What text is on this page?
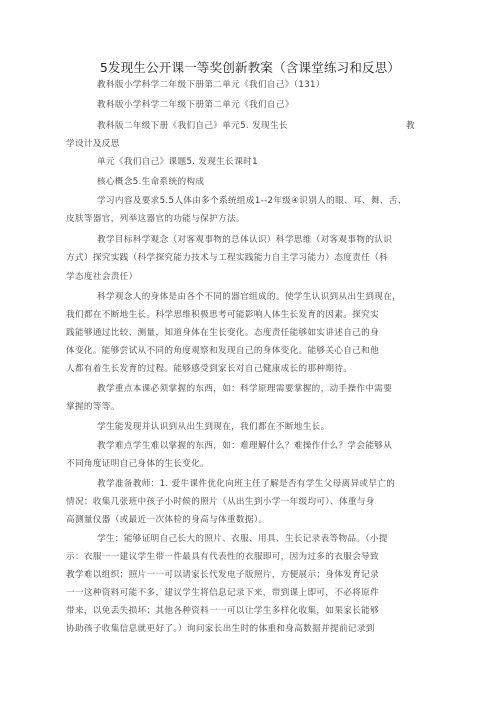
5发现生公开课一等奖创新教案（含课堂练习和反思）
教科版小学科学二年级下册第二单元《我们自己》（131）
教科版小学科学二年级下册第二单元《我们自己》
教科版二年级下册《我们自己》单元5. 发现生长	教
学设计及反思
单元《我们自己》课题5. 发现生长课时1
核心概念5.生命系统的构成
学习内容及要求5.5人体由多个系统组成1--2年级④识别人的眼、耳、舞、舌、
皮肤等器官，列举这器官的功能与保护方法。
教学目标科学观念（对客观事物的总体认识）科学思维（对客观事物的认识
方式）探究实践（科学探究能力技术与工程实践能力自主学习能力）态度责任（科
学态度社会责任）
科学观念人的身体是由各个不同的器官组成的。使学生认识到从出生到现在，
我们都在不断地生长。科学思维积极思考可能影响人体生长发育的因素。探究实
践能够通过比较、测量，知道身体在生长变化。态度责任能够如实讲述自己的身
体变化。能够尝试从不同的角度观察和发现自己的身体变化。能够关心自己和他
人都有着生长发育的过程。能够感受到家长对自己健康成长的那种期待。
教学重点本课必须掌握的东西，如：科学原理需要掌握的，动手操作中需要
掌握的等等。
学生能发现并认识到从出生到现在，我们都在不断地生长。
教学难点学生难以掌握的东西，如：难理解什么？难操作什么？学会能够从
不同角度证明自己身体的生长变化。
教学准备教师：1. 爱牛课件优化向班主任了解是否有学生父母离异或早亡的
情况；收集几张班中孩子小时候的照片（从出生到小学一年级均可）、体重与身
高测量仪器（或最近一次体检的身高与体重数据）。
学生：能够证明自己长大的照片、衣服、用具、生长记录表等物品。（小提
示：衣服一一建议学生带一件最具有代表性的衣服即可，因为过多的衣服会导致
教学难以组织；照片一一可以请家长代发电子版照片，方便展示；身体发育记录
一一这种资料可能不多，建议学生将信息记录下来，带到课上即可，不必将原件
带来，以免丢失损坏；其他各种资料一一可以让学生多样化收集，如果家长能够
协助孩子收集信息就更好了。）询问家长出生时的体重和身高数据并提前记录到
